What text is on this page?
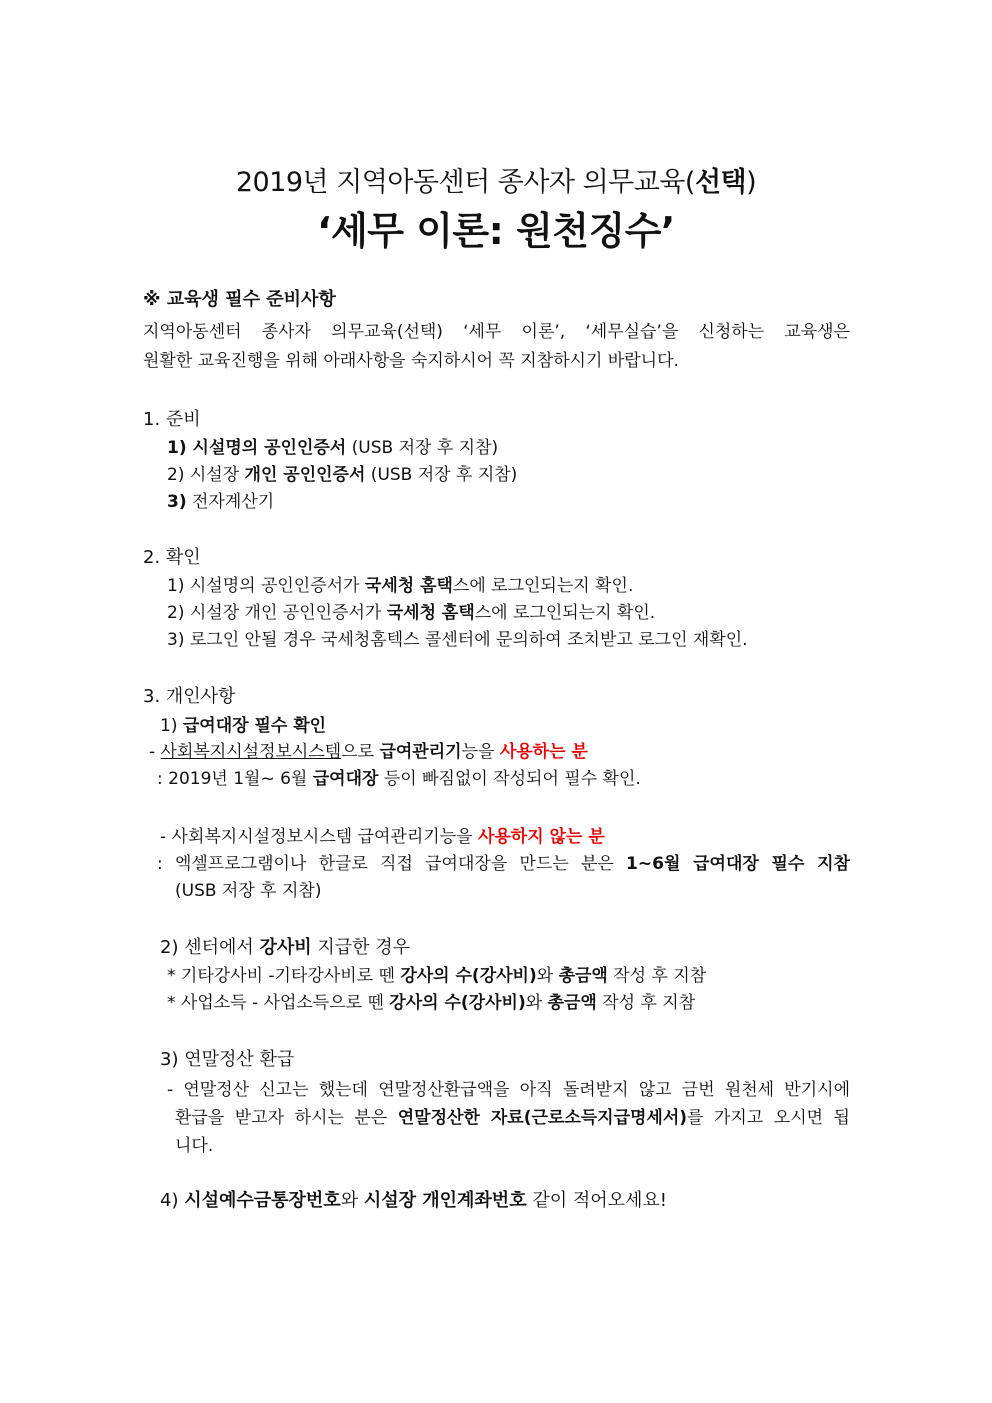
2019년 지역아동센터 종사자 의무교육(선택)
‘세무 이론: 원천징수’
※ 교육생 필수 준비사항
지역아동센터 종사자 의무교육(선택) ‘세무 이론’, ‘세무실습’을 신청하는 교육생은
원활한 교육진행을 위해 아래사항을 숙지하시어 꼭 지참하시기 바랍니다.
1. 준비
1) 시설명의 공인인증서 (USB 저장 후 지참)
2) 시설장 개인 공인인증서 (USB 저장 후 지참)
3) 전자계산기
2. 확인
1) 시설명의 공인인증서가 국세청 홈택스에 로그인되는지 확인.
2) 시설장 개인 공인인증서가 국세청 홈택스에 로그인되는지 확인.
3) 로그인 안될 경우 국세청홈텍스 콜센터에 문의하여 조치받고 로그인 재확인.
3. 개인사항
1) 급여대장 필수 확인
- 사회복지시설정보시스템으로 급여관리기능을 사용하는 분
: 2019년 1월~ 6월 급여대장 등이 빠짐없이 작성되어 필수 확인.
- 사회복지시설정보시스템 급여관리기능을 사용하지 않는 분
: 엑셀프로그램이나 한글로 직접 급여대장을 만드는 분은 1~6월 급여대장 필수 지참
(USB 저장 후 지참)
2) 센터에서 강사비 지급한 경우
* 기타강사비 -기타강사비로 뗀 강사의 수(강사비)와 총금액 작성 후 지참
* 사업소득 - 사업소득으로 뗀 강사의 수(강사비)와 총금액 작성 후 지참
3) 연말정산 환급
- 연말정산 신고는 했는데 연말정산환급액을 아직 돌려받지 않고 금번 원천세 반기시에
환급을 받고자 하시는 분은 연말정산한 자료(근로소득지급명세서)를 가지고 오시면 됩
니다.
4) 시설예수금통장번호와 시설장 개인계좌번호 같이 적어오세요!
